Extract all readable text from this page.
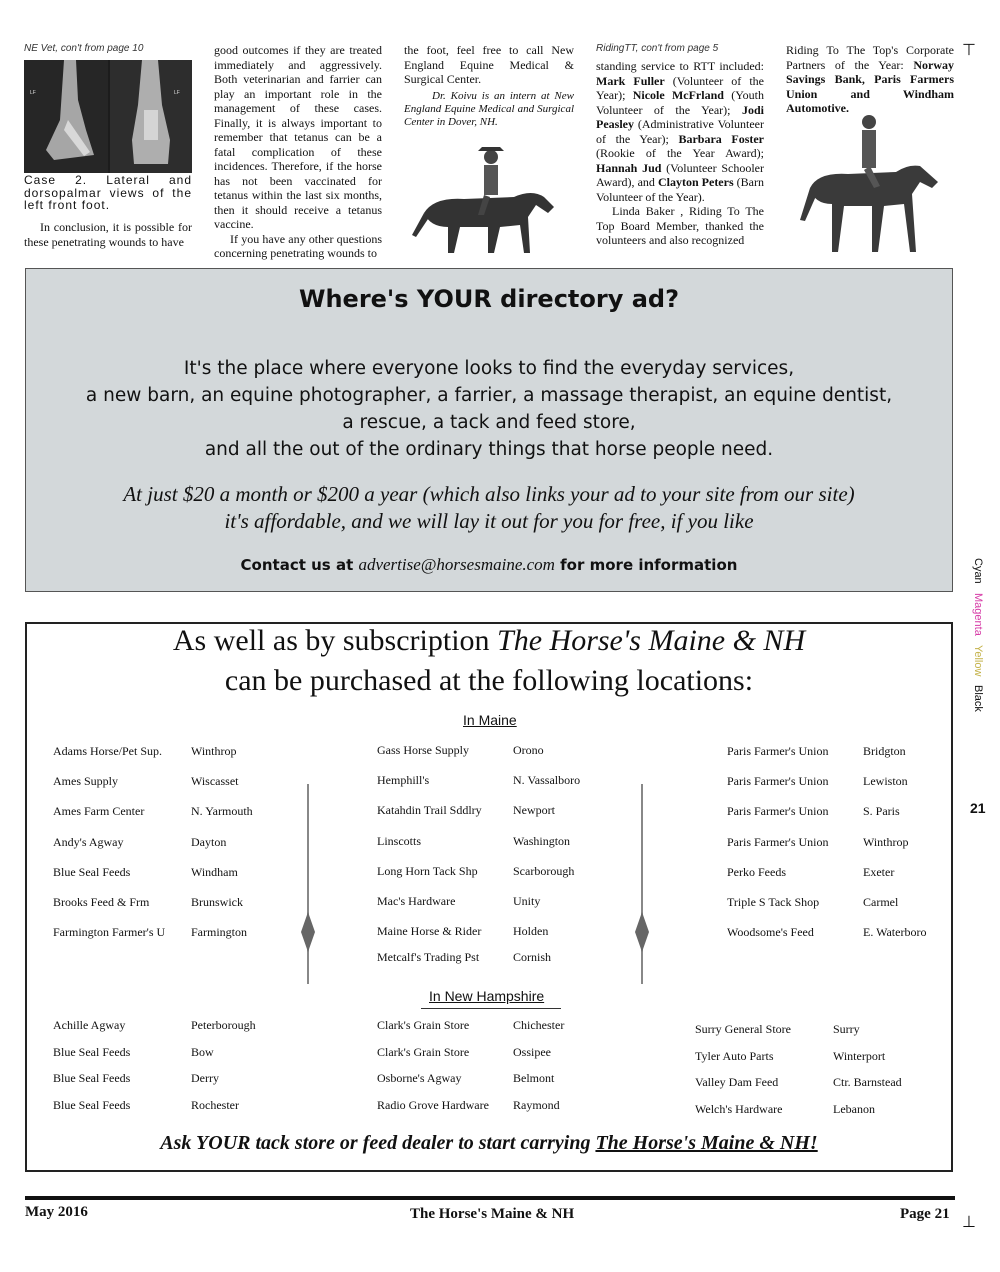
NE Vet, con't from page 10
LF	LF
Case 2. Lateral and dorsopalmar views of the left front foot.

In conclusion, it is possible for these penetrating wounds to have

good outcomes if they are treated immediately and aggressively. Both veterinarian and farrier can play an important role in the management of these cases. Finally, it is always important to remember that tetanus can be a fatal complication of these incidences. Therefore, if the horse has not been vaccinated for tetanus within the last six months, then it should receive a tetanus vaccine.

If you have any other questions concerning penetrating wounds to

the foot, feel free to call New England Equine Medical & Surgical Center.

Dr. Koivu is an intern at New England Equine Medical and Surgical Center in Dover, NH.

RidingTT, con't from page 5

standing service to RTT included: Mark Fuller (Volunteer of the Year); Nicole McFrland (Youth Volunteer of the Year); Jodi Peasley (Administrative Volunteer of the Year); Barbara Foster (Rookie of the Year Award); Hannah Jud (Volunteer Schooler Award), and Clayton Peters (Barn Volunteer of the Year).

Linda Baker , Riding To The Top Board Member, thanked the volunteers and also recognized

Riding To The Top's Corporate Partners of the Year: Norway Savings Bank, Paris Farmers Union and Windham Automotive.

⊤
⊥
Cyan Magenta Yellow Black
21
Where's YOUR directory ad?
It's the place where everyone looks to find the everyday services,
a new barn, an equine photographer, a farrier, a massage therapist, an equine dentist,
a rescue, a tack and feed store,
and all the out of the ordinary things that horse people need.
At just $20 a month or $200 a year (which also links your ad to your site from our site)
it's affordable, and we will lay it out for you for free, if you like
Contact us at advertise@horsesmaine.com for more information
As well as by subscription The Horse's Maine & NH
can be purchased at the following locations:
In Maine
In New Hampshire
Adams Horse/Pet Sup. Winthrop
Ames Supply	Wiscasset
Ames Farm Center	N. Yarmouth
Andy's Agway	Dayton
Blue Seal Feeds	Windham
Brooks Feed & Frm	Brunswick
Farmington Farmer's U Farmington
Gass Horse Supply	Orono
Hemphill's	N. Vassalboro
Katahdin Trail Sddlry	Newport
Linscotts	Washington
Long Horn Tack Shp	Scarborough
Mac's Hardware	Unity
Maine Horse & Rider	Holden
Metcalf's Trading Pst	Cornish
Paris Farmer's Union	Bridgton
Paris Farmer's Union	Lewiston
Paris Farmer's Union	S. Paris
Paris Farmer's Union	Winthrop
Perko Feeds	Exeter
Triple S Tack Shop	Carmel
Woodsome's Feed	E. Waterboro
Achille Agway	Peterborough
Blue Seal Feeds	Bow
Blue Seal Feeds	Derry
Blue Seal Feeds	Rochester
Clark's Grain Store	Chichester
Clark's Grain Store	Ossipee
Osborne's Agway	Belmont
Radio Grove Hardware Raymond
Surry General Store	Surry
Tyler Auto Parts	Winterport
Valley Dam Feed	Ctr. Barnstead
Welch's Hardware	Lebanon
Ask YOUR tack store or feed dealer to start carrying The Horse's Maine & NH!
May 2016	The Horse's Maine & NH	Page 21
